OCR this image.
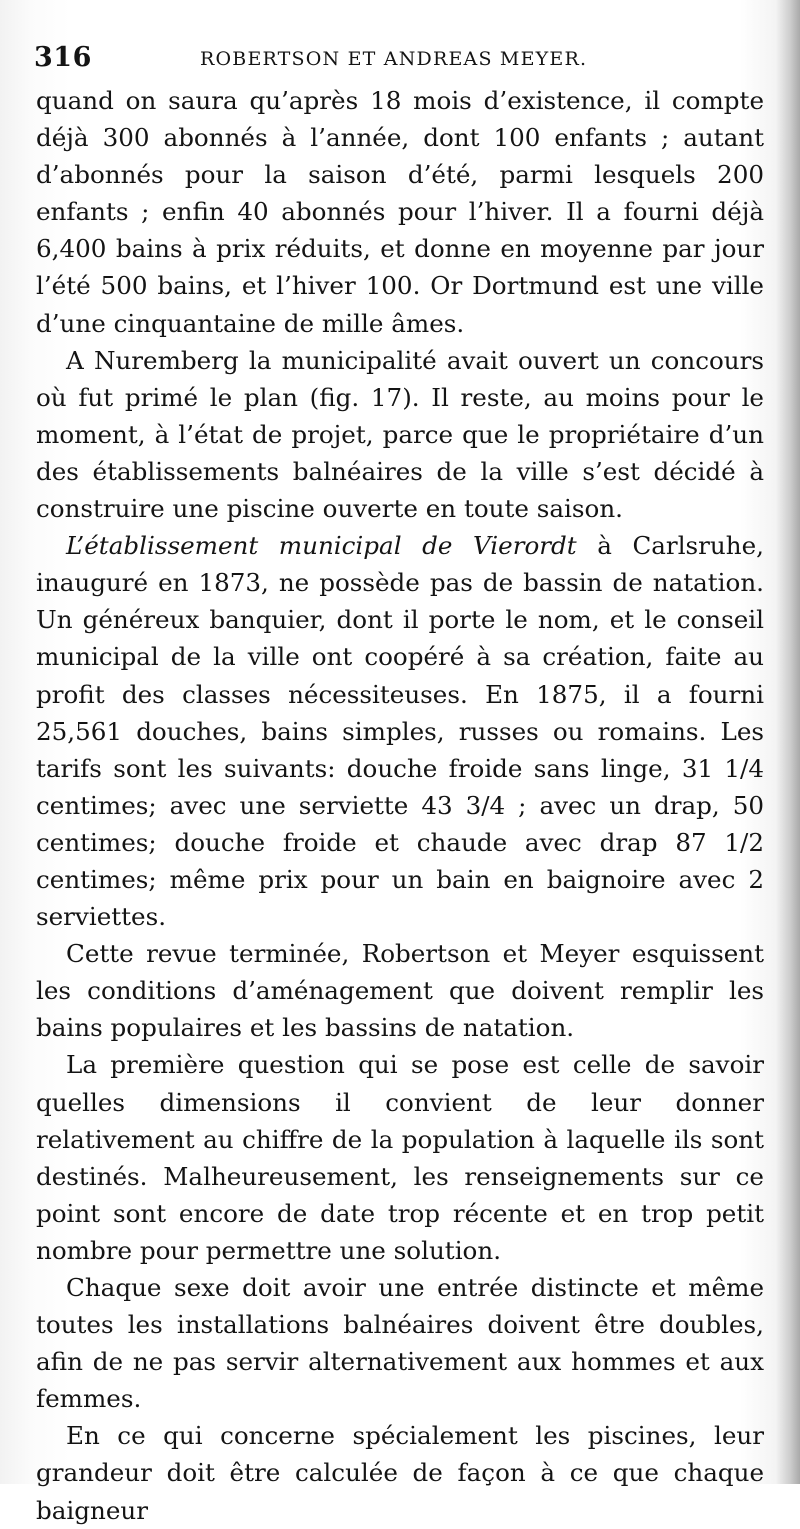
316	ROBERTSON ET ANDREAS MEYER.

quand on saura qu’après 18 mois d’existence, il compte déjà 300 abonnés à l’année, dont 100 enfants ; autant d’abonnés pour la saison d’été, parmi lesquels 200 enfants ; enfin 40 abonnés pour l’hiver. Il a fourni déjà 6,400 bains à prix réduits, et donne en moyenne par jour l’été 500 bains, et l’hiver 100. Or Dortmund est une ville d’une cinquantaine de mille âmes.

A Nuremberg la municipalité avait ouvert un concours où fut primé le plan (fig. 17). Il reste, au moins pour le moment, à l’état de projet, parce que le propriétaire d’un des établissements balnéaires de la ville s’est décidé à construire une piscine ouverte en toute saison.

L’établissement municipal de Vierordt à Carlsruhe, inauguré en 1873, ne possède pas de bassin de natation. Un généreux banquier, dont il porte le nom, et le conseil municipal de la ville ont coopéré à sa création, faite au profit des classes nécessiteuses. En 1875, il a fourni 25,561 douches, bains simples, russes ou romains. Les tarifs sont les suivants: douche froide sans linge, 31 1/4 centimes; avec une serviette 43 3/4 ; avec un drap, 50 centimes; douche froide et chaude avec drap 87 1/2 centimes; même prix pour un bain en baignoire avec 2 serviettes.

Cette revue terminée, Robertson et Meyer esquissent les conditions d’aménagement que doivent remplir les bains populaires et les bassins de natation.

La première question qui se pose est celle de savoir quelles dimensions il convient de leur donner relativement au chiffre de la population à laquelle ils sont destinés. Malheureusement, les renseignements sur ce point sont encore de date trop récente et en trop petit nombre pour permettre une solution.

Chaque sexe doit avoir une entrée distincte et même toutes les installations balnéaires doivent être doubles, afin de ne pas servir alternativement aux hommes et aux femmes.

En ce qui concerne spécialement les piscines, leur grandeur doit être calculée de façon à ce que chaque baigneur
